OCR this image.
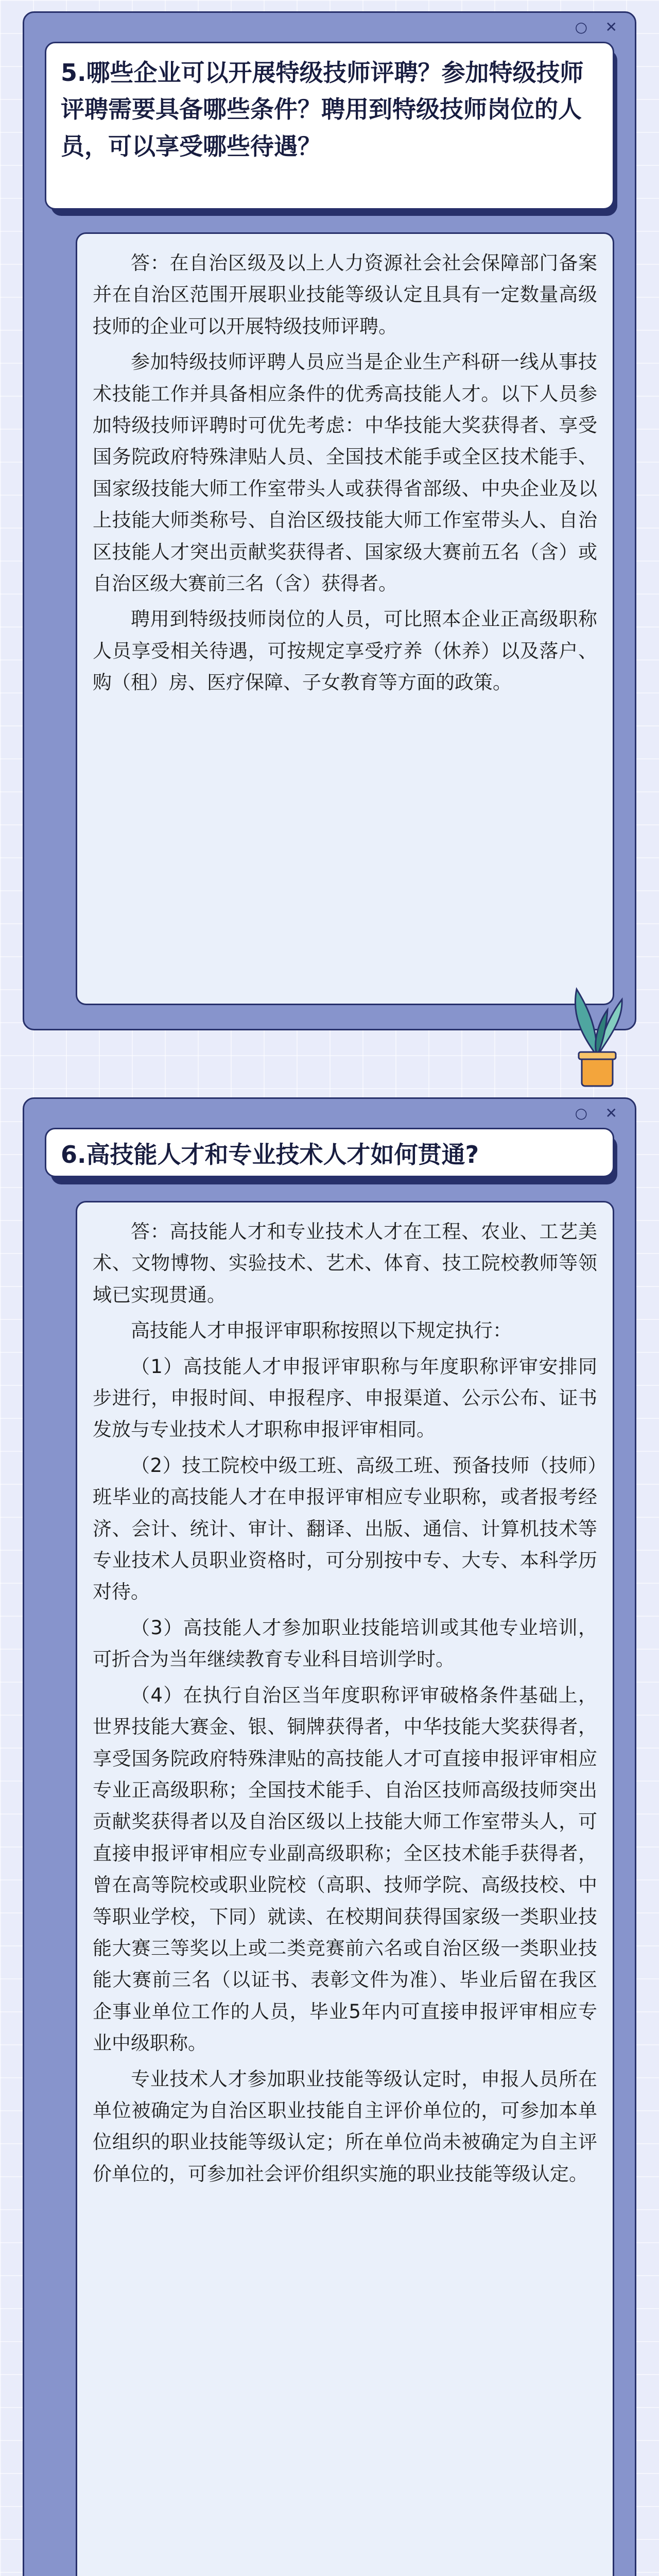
○ ✕
5.哪些企业可以开展特级技师评聘？参加特级技师评聘需要具备哪些条件？聘用到特级技师岗位的人员，可以享受哪些待遇？

答：在自治区级及以上人力资源社会社会保障部门备案并在自治区范围开展职业技能等级认定且具有一定数量高级技师的企业可以开展特级技师评聘。

参加特级技师评聘人员应当是企业生产科研一线从事技术技能工作并具备相应条件的优秀高技能人才。以下人员参加特级技师评聘时可优先考虑：中华技能大奖获得者、享受国务院政府特殊津贴人员、全国技术能手或全区技术能手、国家级技能大师工作室带头人或获得省部级、中央企业及以上技能大师类称号、自治区级技能大师工作室带头人、自治区技能人才突出贡献奖获得者、国家级大赛前五名（含）或自治区级大赛前三名（含）获得者。

聘用到特级技师岗位的人员，可比照本企业正高级职称人员享受相关待遇，可按规定享受疗养（休养）以及落户、购（租）房、医疗保障、子女教育等方面的政策。

○ ✕
6.高技能人才和专业技术人才如何贯通?

答：高技能人才和专业技术人才在工程、农业、工艺美术、文物博物、实验技术、艺术、体育、技工院校教师等领域已实现贯通。

高技能人才申报评审职称按照以下规定执行：

（1）高技能人才申报评审职称与年度职称评审安排同步进行，申报时间、申报程序、申报渠道、公示公布、证书发放与专业技术人才职称申报评审相同。

（2）技工院校中级工班、高级工班、预备技师（技师）班毕业的高技能人才在申报评审相应专业职称，或者报考经济、会计、统计、审计、翻译、出版、通信、计算机技术等专业技术人员职业资格时，可分别按中专、大专、本科学历对待。

（3）高技能人才参加职业技能培训或其他专业培训，可折合为当年继续教育专业科目培训学时。

（4）在执行自治区当年度职称评审破格条件基础上，世界技能大赛金、银、铜牌获得者，中华技能大奖获得者，享受国务院政府特殊津贴的高技能人才可直接申报评审相应专业正高级职称；全国技术能手、自治区技师高级技师突出贡献奖获得者以及自治区级以上技能大师工作室带头人，可直接申报评审相应专业副高级职称；全区技术能手获得者，曾在高等院校或职业院校（高职、技师学院、高级技校、中等职业学校，下同）就读、在校期间获得国家级一类职业技能大赛三等奖以上或二类竞赛前六名或自治区级一类职业技能大赛前三名（以证书、表彰文件为准）、毕业后留在我区企事业单位工作的人员，毕业5年内可直接申报评审相应专业中级职称。

专业技术人才参加职业技能等级认定时，申报人员所在单位被确定为自治区职业技能自主评价单位的，可参加本单位组织的职业技能等级认定；所在单位尚未被确定为自主评价单位的，可参加社会评价组织实施的职业技能等级认定。
